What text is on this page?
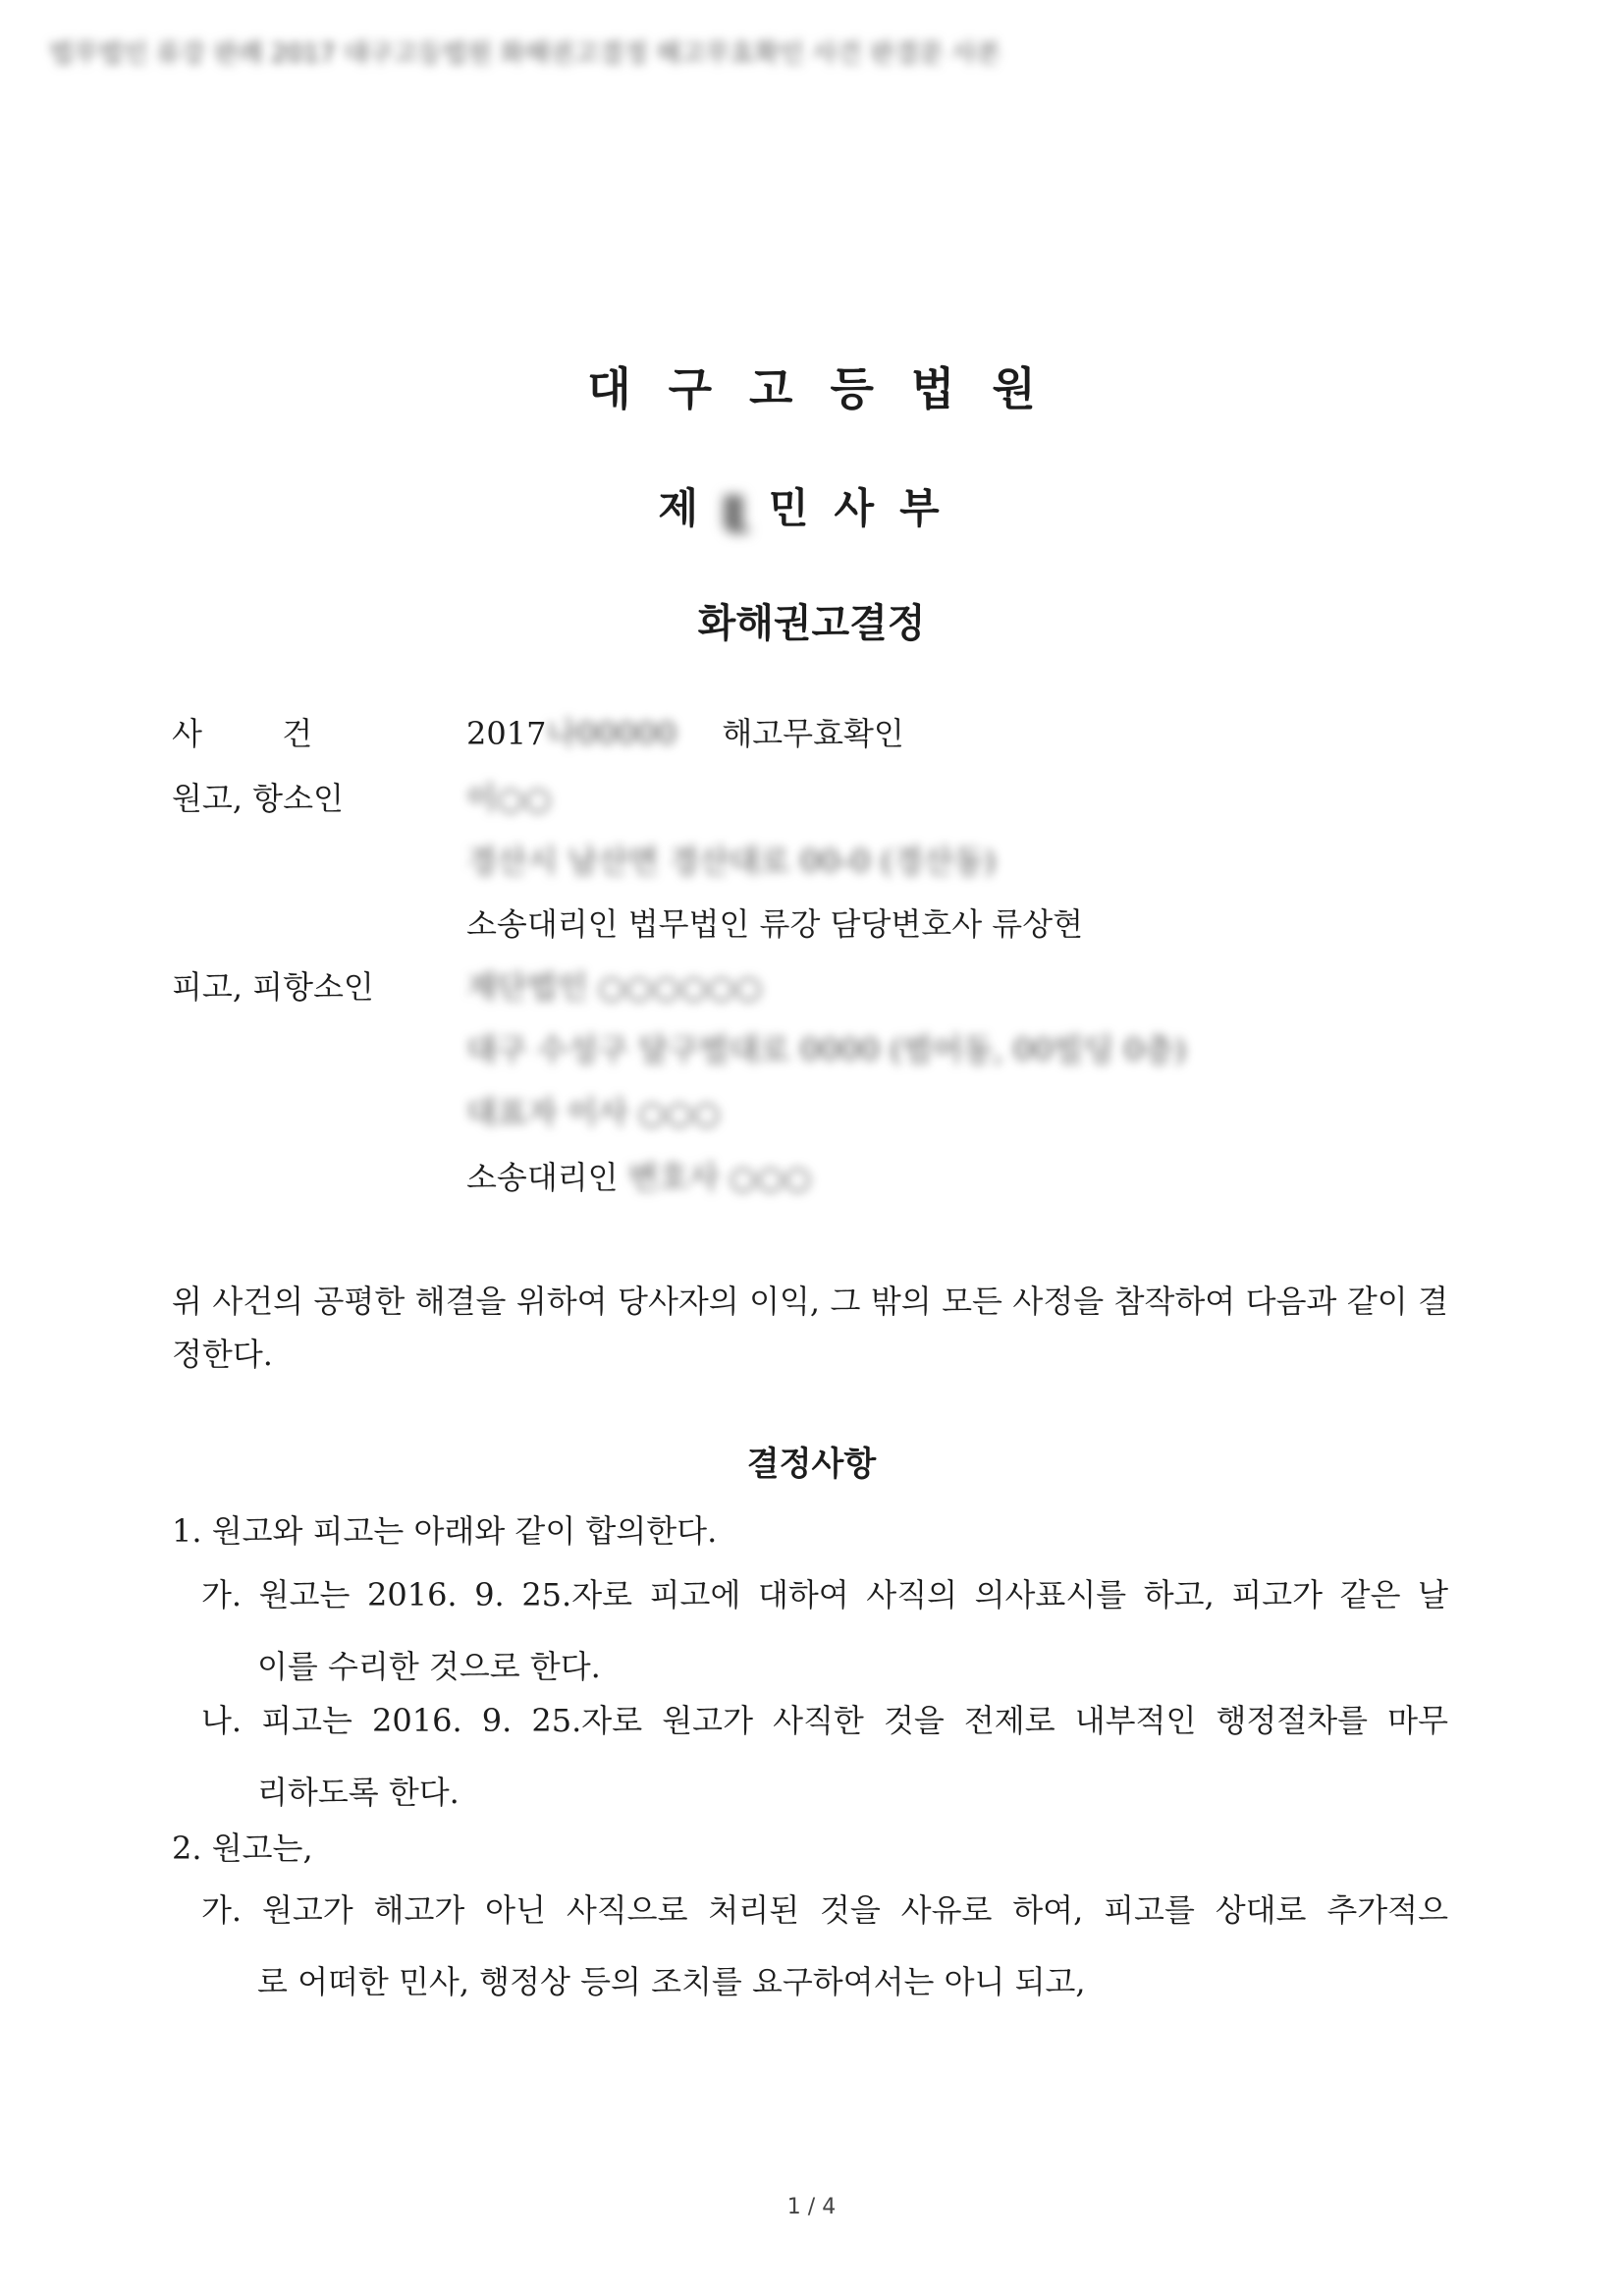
법무법인 류강 판례 2017 대구고등법원 화해권고결정 해고무효확인 사건 판결문 사본
대구고등법원
제 1 민사부
화해권고결정
사        건	2017나00000 해고무효확인
원고, 항소인	이○○
경산시 남산면 경산대로 00-0 (경산동)
소송대리인 법무법인 류강 담당변호사 류상현
피고, 피항소인	재단법인 ○○○○○○
대구 수성구 달구벌대로 0000 (범어동, 00빌딩 0층)
대표자 이사 ○○○
소송대리인 변호사 ○○○
위 사건의 공평한 해결을 위하여 당사자의 이익, 그 밖의 모든 사정을 참작하여 다음과 같이 결정한다.
결정사항
1. 원고와 피고는 아래와 같이 합의한다.
가. 원고는 2016. 9. 25.자로 피고에 대하여 사직의 의사표시를 하고, 피고가 같은 날
이를 수리한 것으로 한다.
나. 피고는 2016. 9. 25.자로 원고가 사직한 것을 전제로 내부적인 행정절차를 마무
리하도록 한다.
2. 원고는,
가. 원고가 해고가 아닌 사직으로 처리된 것을 사유로 하여, 피고를 상대로 추가적으
로 어떠한 민사, 행정상 등의 조치를 요구하여서는 아니 되고,
1 / 4
